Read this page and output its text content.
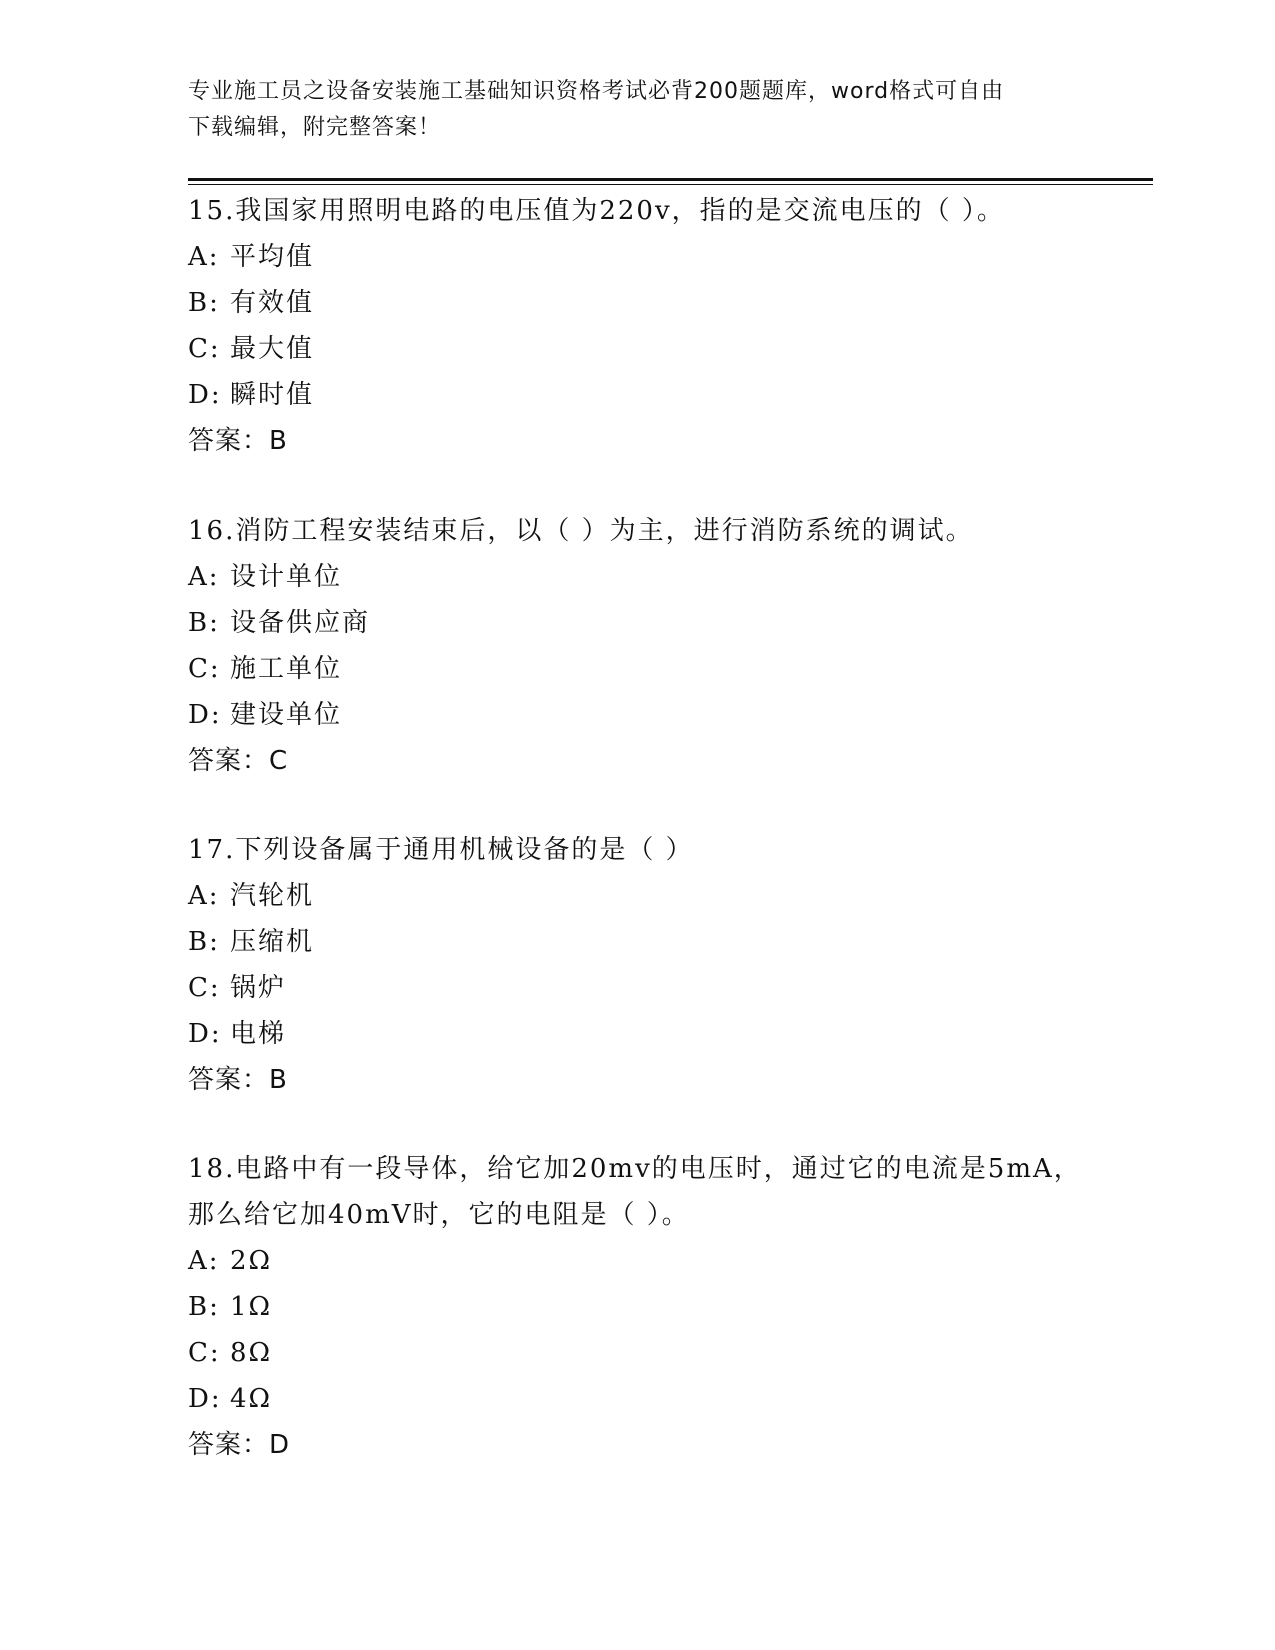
专业施工员之设备安装施工基础知识资格考试必背200题题库，word格式可自由
下载编辑，附完整答案！
15.我国家用照明电路的电压值为220v，指的是交流电压的（ ）。
A: 平均值
B: 有效值
C: 最大值
D: 瞬时值
答案：B
16.消防工程安装结束后，以（ ）为主，进行消防系统的调试。
A: 设计单位
B: 设备供应商
C: 施工单位
D: 建设单位
答案：C
17.下列设备属于通用机械设备的是（ ）
A: 汽轮机
B: 压缩机
C: 锅炉
D: 电梯
答案：B
18.电路中有一段导体，给它加20mv的电压时，通过它的电流是5mA，那么给它加40mV时，它的电阻是（ ）。
A: 2Ω
B: 1Ω
C: 8Ω
D: 4Ω
答案：D
